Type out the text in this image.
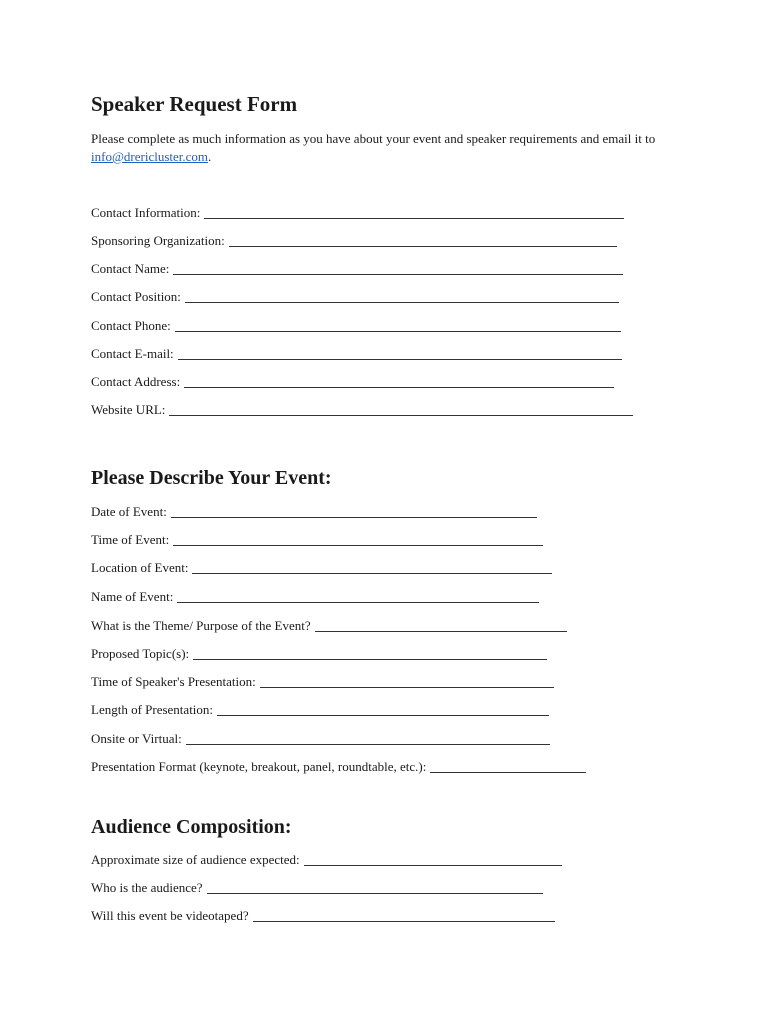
Speaker Request Form
Please complete as much information as you have about your event and speaker requirements and email it to info@drericluster.com.
Contact Information:
Sponsoring Organization:
Contact Name:
Contact Position:
Contact Phone:
Contact E-mail:
Contact Address:
Website URL:
Please Describe Your Event:
Date of Event:
Time of Event:
Location of Event:
Name of Event:
What is the Theme/ Purpose of the Event?
Proposed Topic(s):
Time of Speaker's Presentation:
Length of Presentation:
Onsite or Virtual:
Presentation Format (keynote, breakout, panel, roundtable, etc.):
Audience Composition:
Approximate size of audience expected:
Who is the audience?
Will this event be videotaped?
